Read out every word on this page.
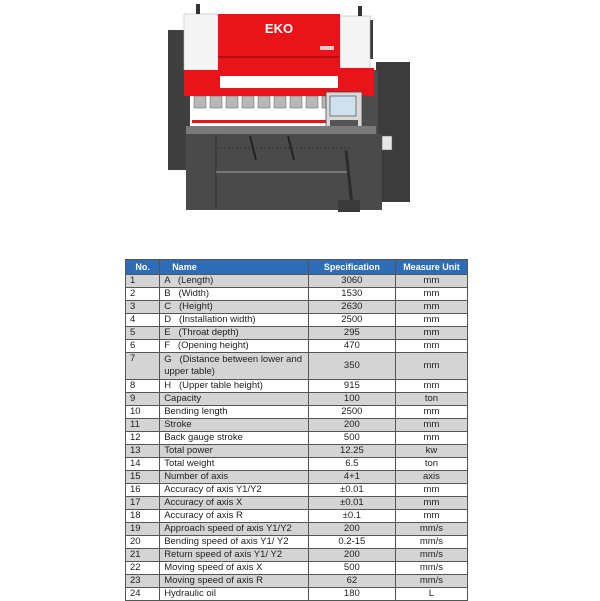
EKO
No.	Name	Specification	Measure Unit
1	A   (Length)	3060	mm
2	B   (Width)	1530	mm
3	C   (Height)	2630	mm
4	D   (Installation width)	2500	mm
5	E   (Throat depth)	295	mm
6	F   (Opening height)	470	mm
7	G   (Distance between lower and upper table)	350	mm
8	H   (Upper table height)	915	mm
9	Capacity	100	ton
10	Bending length	2500	mm
11	Stroke	200	mm
12	Back gauge stroke	500	mm
13	Total power	12.25	kw
14	Total weight	6.5	ton
15	Number of axis	4+1	axis
16	Accuracy of axis Y1/Y2	±0.01	mm
17	Accuracy of axis X	±0.01	mm
18	Accuracy of axis R	±0.1	mm
19	Approach speed of axis Y1/Y2	200	mm/s
20	Bending speed of axis Y1/ Y2	0.2-15	mm/s
21	Return speed of axis Y1/ Y2	200	mm/s
22	Moving speed of axis X	500	mm/s
23	Moving speed of axis R	62	mm/s
24	Hydraulic oil	180	L
